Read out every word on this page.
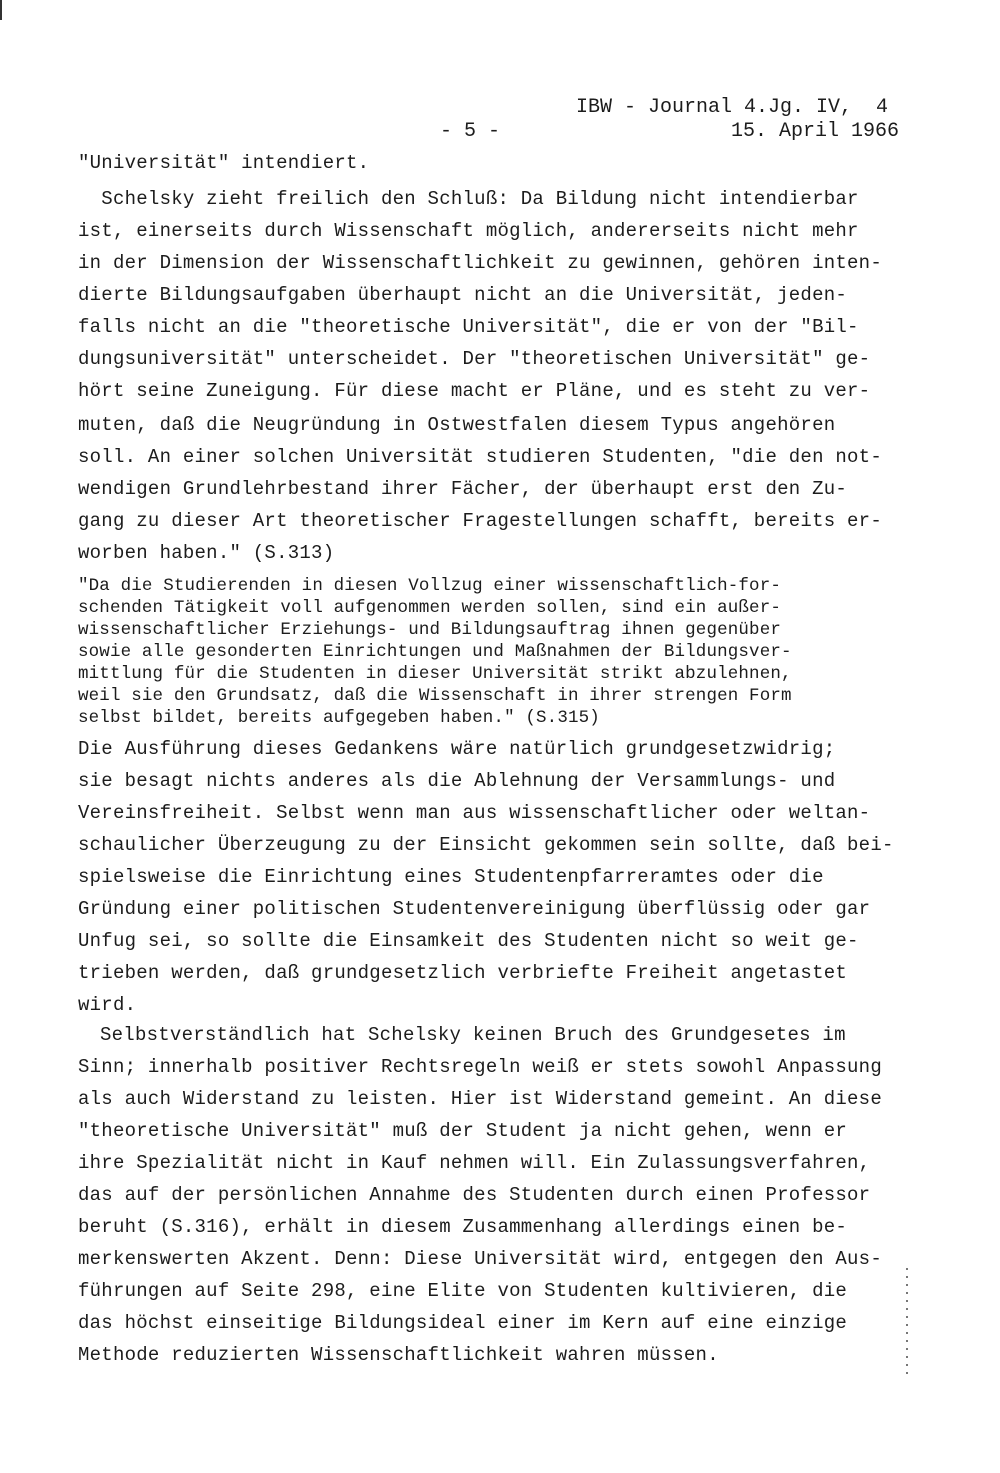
IBW - Journal 4.Jg. IV,  4
- 5 -	15. April 1966
"Universität" intendiert.
Schelsky zieht freilich den Schluß: Da Bildung nicht intendierbar
ist, einerseits durch Wissenschaft möglich, andererseits nicht mehr
in der Dimension der Wissenschaftlichkeit zu gewinnen, gehören inten-
dierte Bildungsaufgaben überhaupt nicht an die Universität, jeden-
falls nicht an die "theoretische Universität", die er von der "Bil-
dungsuniversität" unterscheidet. Der "theoretischen Universität" ge-
hört seine Zuneigung. Für diese macht er Pläne, und es steht zu ver-
muten, daß die Neugründung in Ostwestfalen diesem Typus angehören
soll. An einer solchen Universität studieren Studenten, "die den not-
wendigen Grundlehrbestand ihrer Fächer, der überhaupt erst den Zu-
gang zu dieser Art theoretischer Fragestellungen schafft, bereits er-
worben haben." (S.313)
"Da die Studierenden in diesen Vollzug einer wissenschaftlich-for-
schenden Tätigkeit voll aufgenommen werden sollen, sind ein außer-
wissenschaftlicher Erziehungs- und Bildungsauftrag ihnen gegenüber
sowie alle gesonderten Einrichtungen und Maßnahmen der Bildungsver-
mittlung für die Studenten in dieser Universität strikt abzulehnen,
weil sie den Grundsatz, daß die Wissenschaft in ihrer strengen Form
selbst bildet, bereits aufgegeben haben." (S.315)
Die Ausführung dieses Gedankens wäre natürlich grundgesetzwidrig;
sie besagt nichts anderes als die Ablehnung der Versammlungs- und
Vereinsfreiheit. Selbst wenn man aus wissenschaftlicher oder weltan-
schaulicher Überzeugung zu der Einsicht gekommen sein sollte, daß bei-
spielsweise die Einrichtung eines Studentenpfarreramtes oder die
Gründung einer politischen Studentenvereinigung überflüssig oder gar
Unfug sei, so sollte die Einsamkeit des Studenten nicht so weit ge-
trieben werden, daß grundgesetzlich verbriefte Freiheit angetastet
wird.
Selbstverständlich hat Schelsky keinen Bruch des Grundgesetes im
Sinn; innerhalb positiver Rechtsregeln weiß er stets sowohl Anpassung
als auch Widerstand zu leisten. Hier ist Widerstand gemeint. An diese
"theoretische Universität" muß der Student ja nicht gehen, wenn er
ihre Spezialität nicht in Kauf nehmen will. Ein Zulassungsverfahren,
das auf der persönlichen Annahme des Studenten durch einen Professor
beruht (S.316), erhält in diesem Zusammenhang allerdings einen be-
merkenswerten Akzent. Denn: Diese Universität wird, entgegen den Aus-
führungen auf Seite 298, eine Elite von Studenten kultivieren, die
das höchst einseitige Bildungsideal einer im Kern auf eine einzige
Methode reduzierten Wissenschaftlichkeit wahren müssen.
